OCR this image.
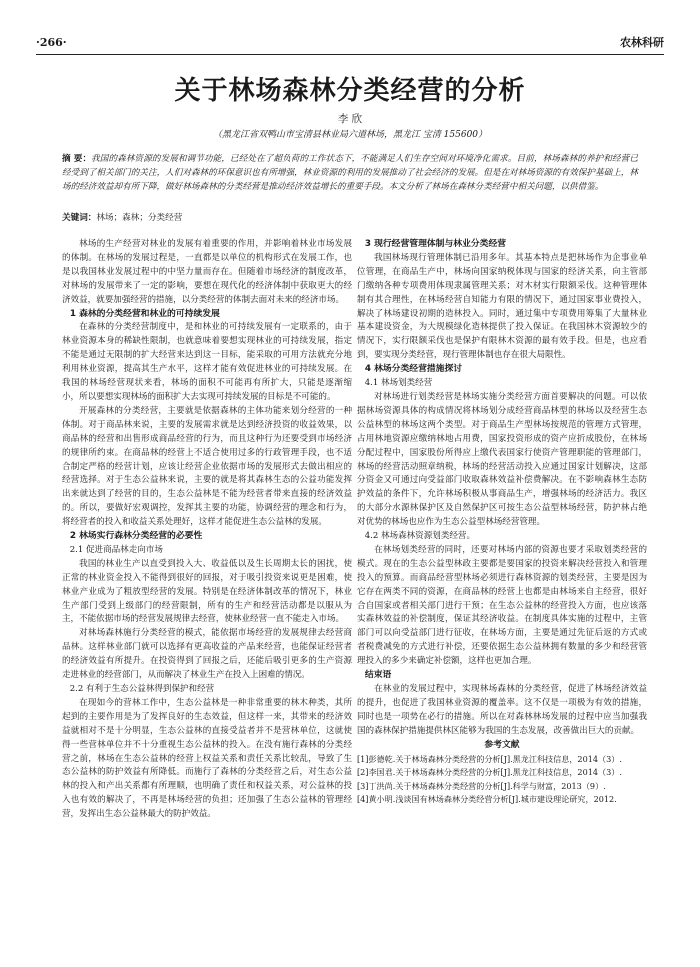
·266·	农林科研
关于林场森林分类经营的分析
李 欣
（黑龙江省双鸭山市宝清县林业局六道林场，黑龙江 宝清 155600）
摘 要：我国的森林资源的发展和调节功能，已经处在了超负荷的工作状态下，不能满足人们生存空间对环境净化需求。目前，林场森林的养护和经营已经受到了相关部门的关注，人们对森林的环保意识也有所增强，林业资源的利用的发展推动了社会经济的发展。但是在对林场资源的有效保护基础上，林场的经济效益却有所下降，做好林场森林的分类经营是推动经济效益增长的重要手段。本文分析了林场在森林分类经营中相关问题，以供借鉴。
关键词：林场；森林；分类经营

林场的生产经营对林业的发展有着重要的作用，并影响着林业市场发展的体制。在林场的发展过程是，一直都是以单位的机构形式在发展工作，也是以我国林业发展过程中的中坚力量而存在。但随着市场经济的制度改革，对林场的发展带来了一定的影响，要想在现代化的经济体制中获取更大的经济效益，就要加强经营的措施，以分类经营的体制去面对未来的经济市场。

1 森林的分类经营和林业的可持续发展

在森林的分类经营制度中，是和林业的可持续发展有一定联系的，由于林业资源本身的稀缺性限制，也就意味着要想实现林业的可持续发展，指定不能是通过无限制的扩大经营来达到这一目标，能采取的可用方法就充分地利用林业资源，提高其生产水平，这样才能有效促进林业的可持续发展。在我国的林场经营现状来看，林场的面积不可能再有所扩大，只能是逐渐缩小，所以要想实现林场的面积扩大去实现可持续发展的目标是不可能的。

开展森林的分类经营，主要就是依据森林的主体功能来划分经营的一种体制。对于商品林来说，主要的发展需求就是达到经济投资的收益效果，以商品林的经营和出售形成商品经营的行为，而且这种行为还要受到市场经济的规律所约束。在商品林的经营上不适合使用过多的行政管理手段，也不适合制定严格的经营计划，应该让经营企业依据市场的发展形式去做出相应的经营选择。对于生态公益林来说，主要的就是将其森林生态的公益功能发挥出来就达到了经营的目的，生态公益林是不能为经营者带来直接的经济效益的。所以，要做好宏观调控，发挥其主要的功能，协调经营的理念和行为，将经营者的投入和收益关系处理好，这样才能促进生态公益林的发展。

2 林场实行森林分类经营的必要性
2.1 促进商品林走向市场

我国的林业生产以直受到投入大、收益低以及生长周期太长的困扰，使正常的林业资金投入不能得到很好的回报，对于吸引投资来说更是困难，使林业产业成为了粗放型经营的发展。特别是在经济体制改革的情况下，林业生产部门受到上级部门的经营限制，所有的生产和经营活动都是以服从为主，不能依据市场的经营发展规律去经营，使林业经营一直不能走入市场。

对林场森林施行分类经营的模式，能依据市场经营的发展规律去经营商品林。这样林业部门就可以选择有更高收益的产品来经营，也能保证经营者的经济效益有所提升。在投资得到了回报之后，还能后吸引更多的生产资源走进林业的经营部门，从而解决了林业生产在投入上困难的情况。

2.2 有利于生态公益林得到保护和经营

在现如今的营林工作中，生态公益林是一种非常重要的林木种类，其所起到的主要作用是为了发挥良好的生态效益，但这样一来，其带来的经济效益就相对不是十分明显，生态公益林的直接受益者并不是营林单位，这就使得一些营林单位并不十分重视生态公益林的投入。在没有施行森林的分类经营之前，林场在生态公益林的经营上权益关系和责任关系比较乱，导致了生态公益林的防护效益有所降低。而施行了森林的分类经营之后，对生态公益林的投入和产出关系都有所理顺，也明确了责任和权益关系，对公益林的投入也有效的解决了，不再是林场经营的负担；还加强了生态公益林的管理经营，发挥出生态公益林最大的防护效益。

3 现行经营管理体制与林业分类经营

我国林场现行管理体制已沿用多年。其基本特点是把林场作为企事业单位管理，在商品生产中，林场向国家纳税体现与国家的经济关系，向主管部门缴纳各种专项费用体现隶属管理关系；对木材实行限额采伐。这种管理体制有其合理性，在林场经营自知能力有限的情况下，通过国家事业费投入，解决了林场建设初期的造林投入。同时，通过集中专项费用筹集了大量林业基本建设资金，为大规模绿化造林提供了投入保证。在我国林木资源较少的情况下，实行限额采伐也是保护有限林木资源的最有效手段。但是，也应看到，要实现分类经营，现行管理体制也存在很大局限性。

4 林场分类经营措施探讨
4.1 林场划类经营

对林场进行划类经营是林场实施分类经营方面首要解决的问题。可以依据林场资源具体的构成情况将林场划分成经营商品林型的林场以及经营生态公益林型的林场这两个类型。对于商品生产型林场按规范的管理方式管理，占用林地资源应缴纳林地占用费，国家投资形成的资产应折成股份，在林场分配过程中，国家股份所得应上缴代表国家行使资产管理职能的管理部门，林场的经营活动照章纳税，林场的经营活动投入应通过国家计划解决，这部分资金又可通过向受益部门收取森林效益补偿费解决。在不影响森林生态防护效益的条件下，允许林场积极从事商品生产，增强林场的经济活力。我区的大部分水源林保护区及自然保护区可按生态公益型林场经营，防护林占绝对优势的林场也应作为生态公益型林场经营管理。

4.2 林场森林资源划类经营。

在林场划类经营的同时，还要对林场内部的资源也要才采取划类经营的模式。现在的生态公益型林政主要都是要国家的投资来解决经营投入和管理投入的预算。而商品经营型林场必须进行森林资源的划类经营，主要是因为它存在两类不同的资源，在商品林的经营上也都是由林场来自主经营，很好合自国家或者相关部门进行干预；在生态公益林的经营投入方面，也应该落实森林效益的补偿制度，保证其经济收益。在制度具体实施的过程中，主管部门可以向受益部门进行征收，在林场方面，主要是通过先征后返的方式或者税费减免的方式进行补偿，还要依据生态公益林拥有数量的多少和经营管理投入的多少来确定补偿额，这样也更加合理。

结束语

在林业的发展过程中，实现林场森林的分类经营，促进了林场经济效益的提升，也促进了我国林业资源的覆盖率。这不仅是一项极为有效的措施，同时也是一项势在必行的措施。所以在对森林林场发展的过程中应当加强我国的森林保护措施提供林区能够为我国的生态发展，改善做出巨大的贡献。

参考文献

[1]彭德乾.关于林场森林分类经营的分析[J].黑龙江科技信息，2014（3）.

[2]李国君.关于林场森林分类经营的分析[J].黑龙江科技信息，2014（3）.

[3]丁洪尚.关于林场森林分类经营的分析[J].科学与财富，2013（9）.

[4]黄小明.浅谈国有林场森林分类经营分析[J].城市建设理论研究，2012.
